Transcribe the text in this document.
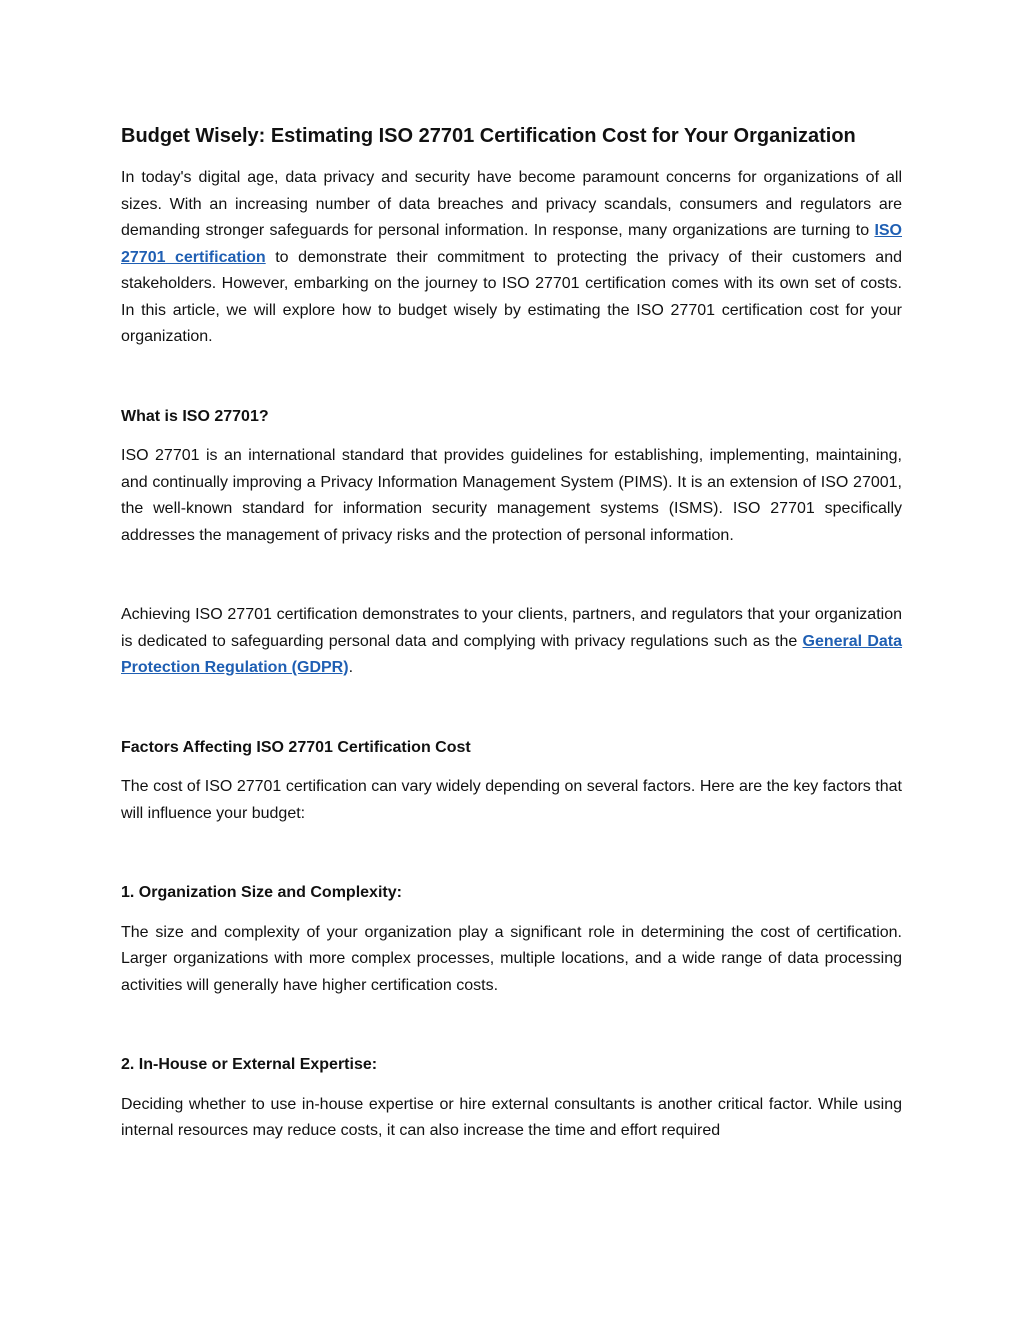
Budget Wisely: Estimating ISO 27701 Certification Cost for Your Organization

In today's digital age, data privacy and security have become paramount concerns for organizations of all sizes. With an increasing number of data breaches and privacy scandals, consumers and regulators are demanding stronger safeguards for personal information. In response, many organizations are turning to ISO 27701 certification to demonstrate their commitment to protecting the privacy of their customers and stakeholders. However, embarking on the journey to ISO 27701 certification comes with its own set of costs. In this article, we will explore how to budget wisely by estimating the ISO 27701 certification cost for your organization.

What is ISO 27701?

ISO 27701 is an international standard that provides guidelines for establishing, implementing, maintaining, and continually improving a Privacy Information Management System (PIMS). It is an extension of ISO 27001, the well-known standard for information security management systems (ISMS). ISO 27701 specifically addresses the management of privacy risks and the protection of personal information.

Achieving ISO 27701 certification demonstrates to your clients, partners, and regulators that your organization is dedicated to safeguarding personal data and complying with privacy regulations such as the General Data Protection Regulation (GDPR).

Factors Affecting ISO 27701 Certification Cost

The cost of ISO 27701 certification can vary widely depending on several factors. Here are the key factors that will influence your budget:

1. Organization Size and Complexity:

The size and complexity of your organization play a significant role in determining the cost of certification. Larger organizations with more complex processes, multiple locations, and a wide range of data processing activities will generally have higher certification costs.

2. In-House or External Expertise:

Deciding whether to use in-house expertise or hire external consultants is another critical factor. While using internal resources may reduce costs, it can also increase the time and effort required
